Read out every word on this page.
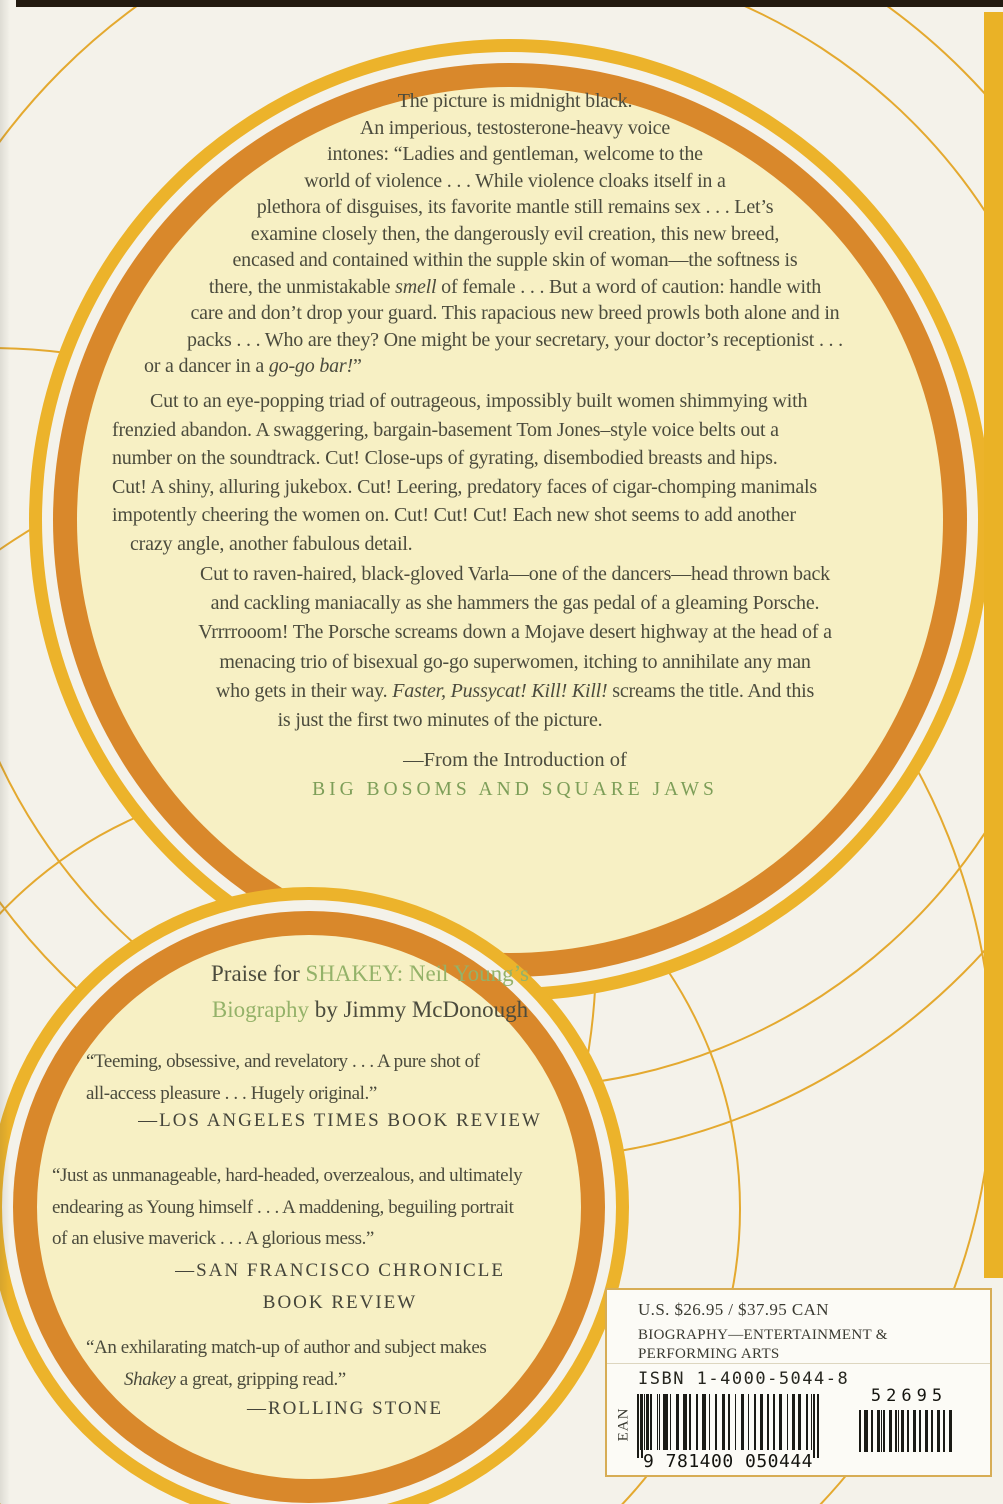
The picture is midnight black.
An imperious, testosterone-heavy voice
intones: “Ladies and gentleman, welcome to the
world of violence . . . While violence cloaks itself in a
plethora of disguises, its favorite mantle still remains sex . . . Let’s
examine closely then, the dangerously evil creation, this new breed,
encased and contained within the supple skin of woman—the softness is
there, the unmistakable smell of female . . . But a word of caution: handle with
care and don’t drop your guard. This rapacious new breed prowls both alone and in
packs . . . Who are they? One might be your secretary, your doctor’s receptionist . . .
or a dancer in a go-go bar!”
Cut to an eye-popping triad of outrageous, impossibly built women shimmying with
frenzied abandon. A swaggering, bargain-basement Tom Jones–style voice belts out a
number on the soundtrack. Cut! Close-ups of gyrating, disembodied breasts and hips.
Cut! A shiny, alluring jukebox. Cut! Leering, predatory faces of cigar-chomping manimals
impotently cheering the women on. Cut! Cut! Cut! Each new shot seems to add another
crazy angle, another fabulous detail.
Cut to raven-haired, black-gloved Varla—one of the dancers—head thrown back
and cackling maniacally as she hammers the gas pedal of a gleaming Porsche.
Vrrrrooom! The Porsche screams down a Mojave desert highway at the head of a
menacing trio of bisexual go-go superwomen, itching to annihilate any man
who gets in their way. Faster, Pussycat! Kill! Kill! screams the title. And this
is just the first two minutes of the picture.
—From the Introduction of
BIG BOSOMS AND SQUARE JAWS
Praise for SHAKEY: Neil Young’s
Biography by Jimmy McDonough
“Teeming, obsessive, and revelatory . . . A pure shot of
all-access pleasure . . . Hugely original.”
—LOS ANGELES TIMES BOOK REVIEW
“Just as unmanageable, hard-headed, overzealous, and ultimately
endearing as Young himself . . . A maddening, beguiling portrait
of an elusive maverick . . . A glorious mess.”
—SAN FRANCISCO CHRONICLE
BOOK REVIEW
“An exhilarating match-up of author and subject makes
Shakey a great, gripping read.”
—ROLLING STONE
U.S. $26.95 / $37.95 CAN
BIOGRAPHY—ENTERTAINMENT &
PERFORMING ARTS
ISBN 1-4000-5044-8
EAN
9 781400 050444
52695
